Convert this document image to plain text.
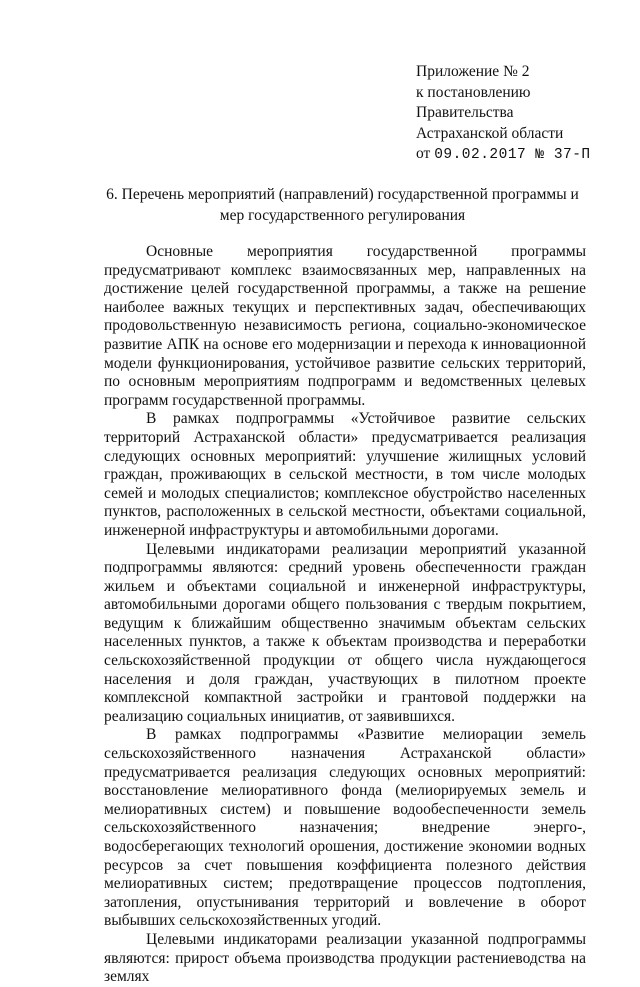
Приложение № 2
к постановлению
Правительства
Астраханской области
от 09.02.2017 № 37-П
6. Перечень мероприятий (направлений) государственной программы и мер государственного регулирования

Основные мероприятия государственной программы предусматривают комплекс взаимосвязанных мер, направленных на достижение целей государственной программы, а также на решение наиболее важных текущих и перспективных задач, обеспечивающих продовольственную независимость региона, социально-экономическое развитие АПК на основе его модернизации и перехода к инновационной модели функционирования, устойчивое развитие сельских территорий, по основным мероприятиям подпрограмм и ведомственных целевых программ государственной программы.

В рамках подпрограммы «Устойчивое развитие сельских территорий Астраханской области» предусматривается реализация следующих основных мероприятий: улучшение жилищных условий граждан, проживающих в сельской местности, в том числе молодых семей и молодых специалистов; комплексное обустройство населенных пунктов, расположенных в сельской местности, объектами социальной, инженерной инфраструктуры и автомобильными дорогами.

Целевыми индикаторами реализации мероприятий указанной подпрограммы являются: средний уровень обеспеченности граждан жильем и объектами социальной и инженерной инфраструктуры, автомобильными дорогами общего пользования с твердым покрытием, ведущим к ближайшим общественно значимым объектам сельских населенных пунктов, а также к объектам производства и переработки сельскохозяйственной продукции от общего числа нуждающегося населения и доля граждан, участвующих в пилотном проекте комплексной компактной застройки и грантовой поддержки на реализацию социальных инициатив, от заявившихся.

В рамках подпрограммы «Развитие мелиорации земель сельскохозяйственного назначения Астраханской области» предусматривается реализация следующих основных мероприятий: восстановление мелиоративного фонда (мелиорируемых земель и мелиоративных систем) и повышение водообеспеченности земель сельскохозяйственного назначения; внедрение энерго-, водосберегающих технологий орошения, достижение экономии водных ресурсов за счет повышения коэффициента полезного действия мелиоративных систем; предотвращение процессов подтопления, затопления, опустынивания территорий и вовлечение в оборот выбывших сельскохозяйственных угодий.

Целевыми индикаторами реализации указанной подпрограммы являются: прирост объема производства продукции растениеводства на землях
